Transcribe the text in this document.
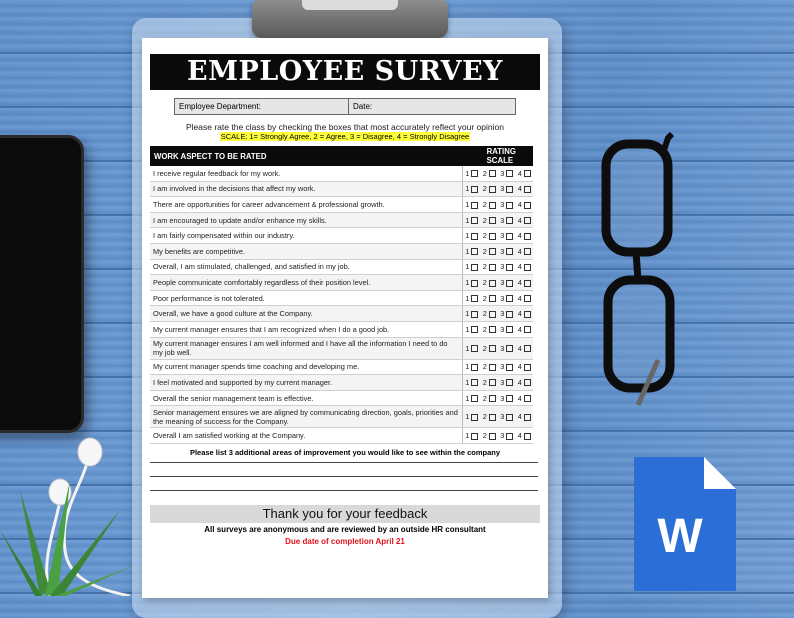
EMPLOYEE SURVEY
Employee Department:	Date:
Please rate the class by checking the boxes that most accurately reflect your opinion
SCALE: 1= Strongly Agree, 2 = Agree, 3 = Disagree, 4 = Strongly Disagree
WORK ASPECT TO BE RATED	RATING SCALE			
I receive regular feedback for my work.	1	2	3	4
I am involved in the decisions that affect my work.	1	2	3	4
There are opportunities for career advancement & professional growth.	1	2	3	4
I am encouraged to update and/or enhance my skills.	1	2	3	4
I am fairly compensated within our industry.	1	2	3	4
My benefits are competitive.	1	2	3	4
Overall, I am stimulated, challenged, and satisfied in my job.	1	2	3	4
People communicate comfortably regardless of their position level.	1	2	3	4
Poor performance is not tolerated.	1	2	3	4
Overall, we have a good culture at the Company.	1	2	3	4
My current manager ensures that I am recognized when I do a good job.	1	2	3	4
My current manager ensures I am well informed and I have all the information I need to do my job well.	1	2	3	4
My current manager spends time coaching and developing me.	1	2	3	4
I feel motivated and supported by my current manager.	1	2	3	4
Overall the senior management team is effective.	1	2	3	4
Senior management ensures we are aligned by communicating direction, goals, priorities and the meaning of success for the Company.	1	2	3	4
Overall I am satisfied working at the Company.	1	2	3	4
Please list 3 additional areas of improvement you would like to see within the company
Thank you for your feedback
All surveys are anonymous and are reviewed by an outside HR consultant
Due date of completion April 21	W
